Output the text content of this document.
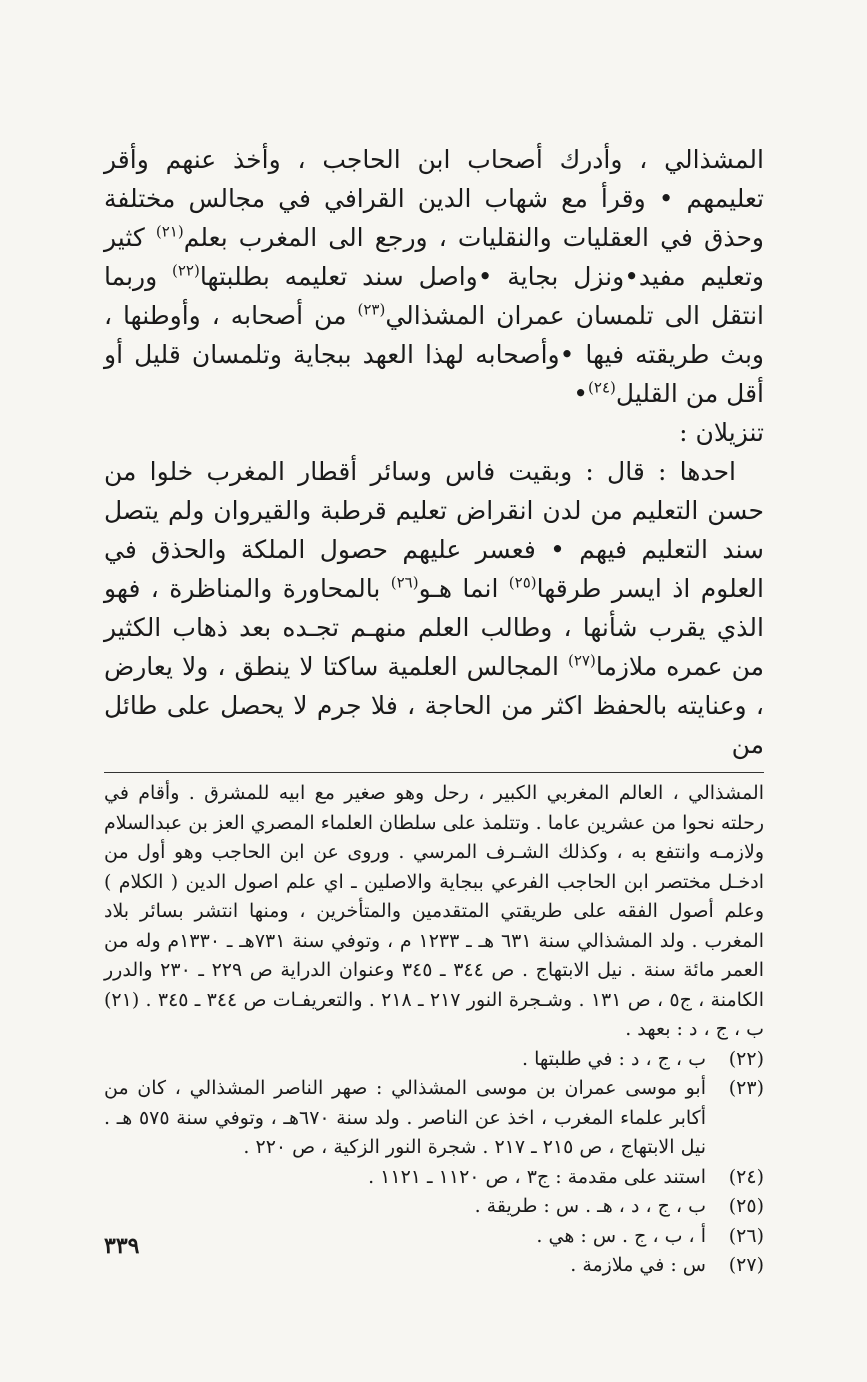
المشذالي ، وأدرك أصحاب ابن الحاجب ، وأخذ عنهم وأقر تعليمهم • وقرأ مع شهاب الدين القرافي في مجالس مختلفة وحذق في العقليات والنقليات ، ورجع الى المغرب بعلم$^{(٢١)}$ كثير وتعليم مفيد•ونزل بجاية •واصل سند تعليمه بطلبتها$^{(٢٢)}$ وربما انتقل الى تلمسان عمران المشذالي$^{(٢٣)}$ من أصحابه ، وأوطنها ، وبث طريقته فيها •وأصحابه لهذا العهد ببجاية وتلمسان قليل أو أقل من القليل$^{(٢٤)}$•

تنزيلان :

احدها : قال : وبقيت فاس وسائر أقطار المغرب خلوا من حسن التعليم من لدن انقراض تعليم قرطبة والقيروان ولم يتصل سند التعليم فيهم • فعسر عليهم حصول الملكة والحذق في العلوم اذ ايسر طرقها$^{(٢٥)}$ انما هـو$^{(٢٦)}$ بالمحاورة والمناظرة ، فهو الذي يقرب شأنها ، وطالب العلم منهـم تجـده بعد ذهاب الكثير من عمره ملازما$^{(٢٧)}$ المجالس العلمية ساكتا لا ينطق ، ولا يعارض ، وعنايته بالحفظ اكثر من الحاجة ، فلا جرم لا يحصل على طائل من

المشذالي ، العالم المغربي الكبير ، رحل وهو صغير مع ابيه للمشرق . وأقام في رحلته نحوا من عشرين عاما . وتتلمذ على سلطان العلماء المصري العز بن عبدالسلام ولازمـه وانتفع به ، وكذلك الشـرف المرسي . وروى عن ابن الحاجب وهو أول من ادخـل مختصر ابن الحاجب الفرعي ببجاية والاصلين ـ اي علم اصول الدين ( الكلام ) وعلم أصول الفقه على طريقتي المتقدمين والمتأخرين ، ومنها انتشر بسائر بلاد المغرب . ولد المشذالي سنة ٦٣١ هـ ـ ١٢٣٣ م ، وتوفي سنة ٧٣١هـ ـ ١٣٣٠م وله من العمر مائة سنة . نيل الابتهاج . ص ٣٤٤ ـ ٣٤٥ وعنوان الدراية ص ٢٢٩ ـ ٢٣٠ والدرر الكامنة ، ج٥ ، ص ١٣١ . وشـجرة النور ٢١٧ ـ ٢١٨ . والتعريفـات ص ٣٤٤ ـ ٣٤٥ . (٢١) ب ، ج ، د : بعهد .

(٢٢)
ب ، ج ، د : في طلبتها .
(٢٣)
أبو موسى عمران بن موسى المشذالي : صهر الناصر المشذالي ، كان من أكابر علماء المغرب ، اخذ عن الناصر . ولد سنة ٦٧٠هـ ، وتوفي سنة ٥٧٥ هـ . نيل الابتهاج ، ص ٢١٥ ـ ٢١٧ . شجرة النور الزكية ، ص ٢٢٠ .
(٢٤)
استند على مقدمة : ج٣ ، ص ١١٢٠ ـ ١١٢١ .
(٢٥)
ب ، ج ، د ، هـ . س : طريقة .
(٢٦)
أ ، ب ، ج . س : هي .
(٢٧)
س : في ملازمة .
٣٣٩
